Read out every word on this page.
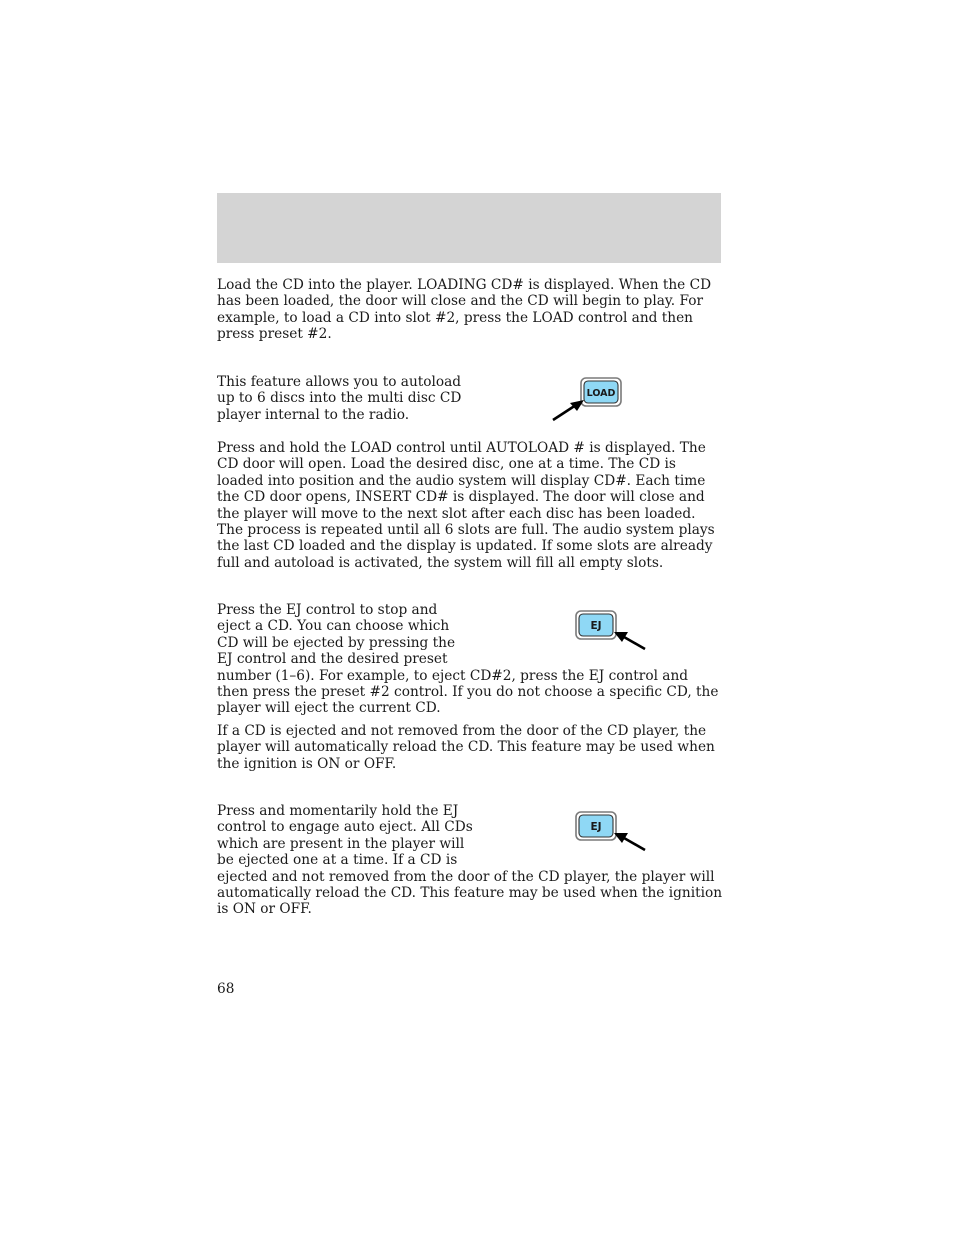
Load the CD into the player. LOADING CD# is displayed. When the CD
has been loaded, the door will close and the CD will begin to play. For
example, to load a CD into slot #2, press the LOAD control and then
press preset #2.

This feature allows you to autoload
up to 6 discs into the multi disc CD
player internal to the radio.

LOAD

Press and hold the LOAD control until AUTOLOAD # is displayed. The
CD door will open. Load the desired disc, one at a time. The CD is
loaded into position and the audio system will display CD#. Each time
the CD door opens, INSERT CD# is displayed. The door will close and
the player will move to the next slot after each disc has been loaded.
The process is repeated until all 6 slots are full. The audio system plays
the last CD loaded and the display is updated. If some slots are already
full and autoload is activated, the system will fill all empty slots.

Press the EJ control to stop and
eject a CD. You can choose which
CD will be ejected by pressing the
EJ control and the desired preset
number (1–6). For example, to eject CD#2, press the EJ control and
then press the preset #2 control. If you do not choose a specific CD, the
player will eject the current CD.

EJ

If a CD is ejected and not removed from the door of the CD player, the
player will automatically reload the CD. This feature may be used when
the ignition is ON or OFF.

Press and momentarily hold the EJ
control to engage auto eject. All CDs
which are present in the player will
be ejected one at a time. If a CD is
ejected and not removed from the door of the CD player, the player will
automatically reload the CD. This feature may be used when the ignition
is ON or OFF.

EJ
68
